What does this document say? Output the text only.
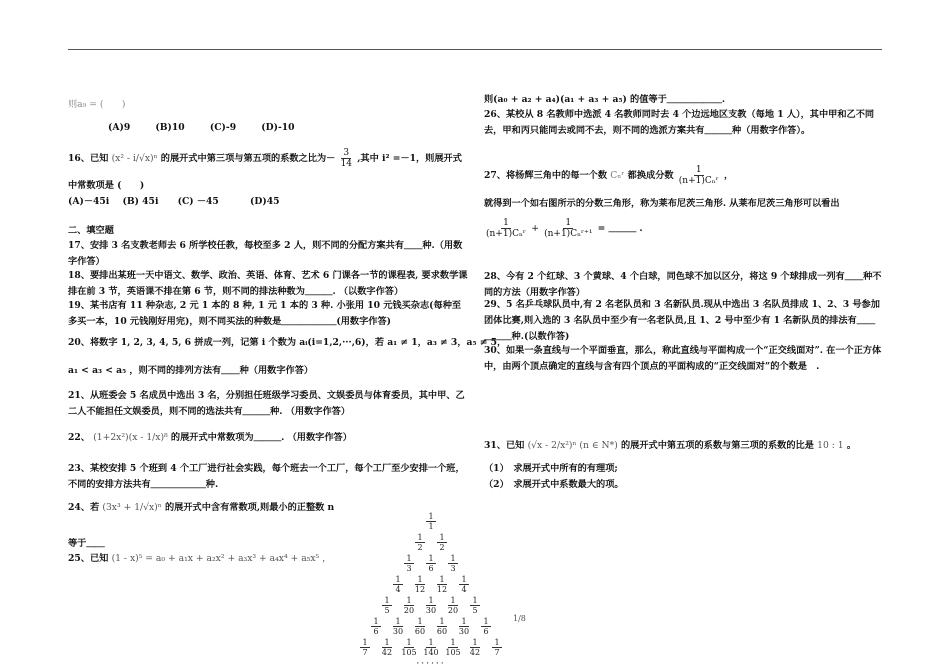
则a₉ = (　　)
(A)9	(B)10	(C)-9	(D)-10
16、已知 (x² - i/√x)ⁿ 的展开式中第三项与第五项的系数之比为－ $\frac{3}{14}$ ,其中 i² =－1，则展开式
中常数项是 (　　)
(A)－45i (B) 45i (C) －45	(D)45
二、填空题
17、安排 3 名支教老师去 6 所学校任教，每校至多 2 人，则不同的分配方案共有＿＿种.（用数字作答）
18、要排出某班一天中语文、数学、政治、英语、体育、艺术 6 门课各一节的课程表, 要求数学课排在前 3 节，英语课不排在第 6 节，则不同的排法种数为＿＿＿. （以数字作答）
19、某书店有 11 种杂志, 2 元 1 本的 8 种, 1 元 1 本的 3 种. 小张用 10 元钱买杂志(每种至多买一本，10 元钱刚好用完)，则不同买法的种数是＿＿＿＿＿＿(用数字作答)
20、将数字 1, 2, 3, 4, 5, 6 拼成一列，记第 i 个数为 aᵢ(i=1,2,···,6)，若 a₁ ≠ 1，a₃ ≠ 3，a₅ ≠ 5，
a₁ < a₃ < a₅ ，则不同的排列方法有＿＿种（用数字作答）
21、从班委会 5 名成员中选出 3 名，分别担任班级学习委员、文娱委员与体育委员，其中甲、乙二人不能担任文娱委员，则不同的选法共有＿＿＿种. （用数字作答）
22、 (1+2x²)(x - 1/x)⁸ 的展开式中常数项为＿＿＿. （用数字作答）
23、某校安排 5 个班到 4 个工厂进行社会实践，每个班去一个工厂，每个工厂至少安排一个班，不同的安排方法共有＿＿＿＿＿＿种.
24、若 (3x³ + 1/√x)ⁿ 的展开式中含有常数项,则最小的正整数 n
等于＿＿
25、已知 (1 - x)⁵ = a₀ + a₁x + a₂x² + a₃x³ + a₄x⁴ + a₅x⁵ ，
1
1
1
2
1
2
1
3
1
6
1
3
1
4
1
12
1
12
1
4
1
5
1
20
1
30
1
20
1
5
1
6
1
30
1
60
1
60
1
30
1
6
1
7
1
42
1
105
1
140
1
105
1
42
1
7
······
1/8
则(a₀ + a₂ + a₄)(a₁ + a₃ + a₅) 的值等于＿＿＿＿＿＿.
26、某校从 8 名教师中选派 4 名教师同时去 4 个边远地区支教（每地 1 人），其中甲和乙不同去，甲和丙只能同去或同不去，则不同的选派方案共有＿＿＿种（用数字作答）。
27、将杨辉三角中的每一个数 Cₙʳ 都换成分数 $\frac{1}{\text{(n+1)Cₙʳ}}$ ，
就得到一个如右图所示的分数三角形，称为莱布尼茨三角形. 从莱布尼茨三角形可以看出
$\frac{1}{\text{(n+1)Cₙʳ}} + \frac{1}{\text{(n+1)Cₙʳ⁺¹}}$ = ＿＿＿ .
28、今有 2 个红球、3 个黄球、4 个白球，同色球不加以区分，将这 9 个球排成一列有＿＿种不同的方法（用数字作答）
29、5 名乒乓球队员中,有 2 名老队员和 3 名新队员.现从中选出 3 名队员排成 1、2、3 号参加团体比赛,则入选的 3 名队员中至少有一名老队员,且 1、2 号中至少有 1 名新队员的排法有＿＿＿＿＿种.(以数作答)
30、如果一条直线与一个平面垂直，那么，称此直线与平面构成一个“正交线面对”. 在一个正方体中，由两个顶点确定的直线与含有四个顶点的平面构成的“正交线面对”的个数是　.
31、已知 (√x - 2/x²)ⁿ (n ∈ N*) 的展开式中第五项的系数与第三项的系数的比是 10 : 1 。
（1）　求展开式中所有的有理项;
（2）　求展开式中系数最大的项。
